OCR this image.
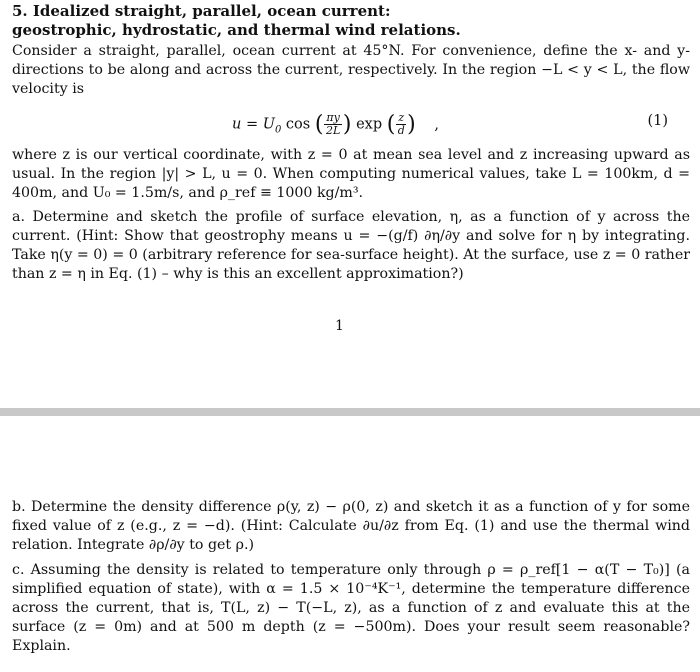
5. Idealized straight, parallel, ocean current:
geostrophic, hydrostatic, and thermal wind relations.
Consider a straight, parallel, ocean current at 45°N. For convenience, define the x- and y-directions to be along and across the current, respectively. In the region −L < y < L, the flow velocity is
$u = U_0$ cos ( $\frac{\pi y}{2L}$ ) exp ( $\frac{z}{d}$ ) ,	(1)
where z is our vertical coordinate, with z = 0 at mean sea level and z increasing upward as usual. In the region |y| > L, u = 0. When computing numerical values, take L = 100km, d = 400m, and U₀ = 1.5m/s, and ρ_ref ≡ 1000 kg/m³.
a. Determine and sketch the profile of surface elevation, η, as a function of y across the current. (Hint: Show that geostrophy means u = −(g/f) ∂η/∂y and solve for η by integrating. Take η(y = 0) = 0 (arbitrary reference for sea-surface height). At the surface, use z = 0 rather than z = η in Eq. (1) – why is this an excellent approximation?)
1
b. Determine the density difference ρ(y, z) − ρ(0, z) and sketch it as a function of y for some fixed value of z (e.g., z = −d). (Hint: Calculate ∂u/∂z from Eq. (1) and use the thermal wind relation. Integrate ∂ρ/∂y to get ρ.)
c. Assuming the density is related to temperature only through ρ = ρ_ref[1 − α(T − T₀)] (a simplified equation of state), with α = 1.5 × 10⁻⁴K⁻¹, determine the temperature difference across the current, that is, T(L, z) − T(−L, z), as a function of z and evaluate this at the surface (z = 0m) and at 500 m depth (z = −500m). Does your result seem reasonable? Explain.
